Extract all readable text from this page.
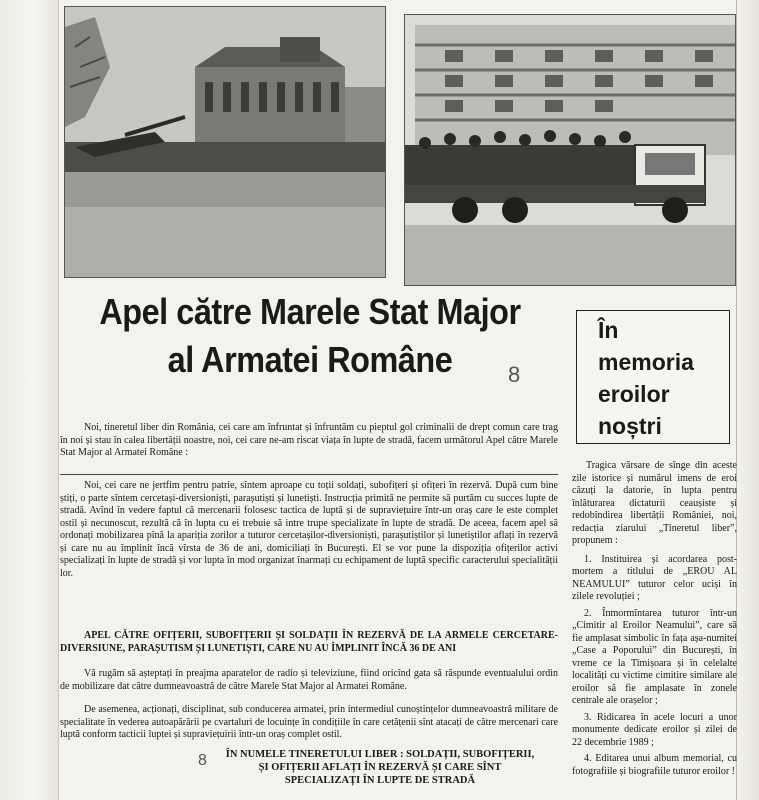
Apel către Marele Stat Major
al Armatei Române	8
În
memoria
eroilor
noștri

Noi, tineretul liber din România, cei care am înfruntat și înfruntăm cu pieptul gol criminalii de drept comun care trag în noi și stau în calea libertății noastre, noi, cei care ne-am riscat viața în lupte de stradă, facem următorul Apel către Marele Stat Major al Armatei Române :

Noi, cei care ne jertfim pentru patrie, sîntem aproape cu toții soldați, subofițeri și ofițeri în rezervă. După cum bine știți, o parte sîntem cercetași-diversioniști, parașutiști și lunetiști. Instrucția primită ne permite să purtăm cu succes lupte de stradă. Avînd în vedere faptul că mercenarii folosesc tactica de luptă și de supraviețuire într-un oraș care le este complet ostil și necunoscut, rezultă că în lupta cu ei trebuie să intre trupe specializate în lupte de stradă. De aceea, facem apel să ordonați mobilizarea pînă la apariția zorilor a tuturor cercetașilor-diversioniști, parașutiștilor și lunetiștilor aflați în rezervă și care nu au împlinit încă vîrsta de 36 de ani, domiciliați în București. El se vor pune la dispoziția ofițerilor activi specializați în lupte de stradă și vor lupta în mod organizat înarmați cu echipament de luptă specific caracterului specialității lor.

APEL CĂTRE OFIȚERII, SUBOFIȚERII ȘI SOLDAȚII ÎN REZERVĂ DE LA ARMELE CERCETARE-DIVERSIUNE, PARAȘUTISM ȘI LUNETIȘTI, CARE NU AU ÎMPLINIT ÎNCĂ 36 DE ANI

Vă rugăm să așteptați în preajma aparatelor de radio și televiziune, fiind oricînd gata să răspunde eventualului ordin de mobilizare dat către dumneavoastră de către Marele Stat Major al Armatei Române.

De asemenea, acționați, disciplinat, sub conducerea armatei, prin intermediul cunoștințelor dumneavoastră militare de specialitate în vederea autoapărării pe cvartaluri de locuințe în condițiile în care cetățenii sînt atacați de către mercenari care luptă conform tacticii luptei și supraviețuirii într-un oraș complet ostil.

8	ÎN NUMELE TINERETULUI LIBER : SOLDAȚII, SUBOFIȚERII,
ȘI OFIȚERII AFLAȚI ÎN REZERVĂ ȘI CARE SÎNT
SPECIALIZAȚI ÎN LUPTE DE STRADĂ

Tragica vărsare de sînge din aceste zile istorice și numărul imens de eroi căzuți la datorie, în lupta pentru înlăturarea dictaturii ceaușiste și redobîndirea libertății României, noi, redacția ziarului „Tineretul liber”, propunem :

1. Instituirea și acordarea post-mortem a titlului de „EROU AL NEAMULUI” tuturor celor uciși în zilele revoluției ;

2. Înmormîntarea tuturor într-un „Cimitir al Eroilor Neamului”, care să fie amplasat simbolic în fața așa-numitei „Case a Poporului” din București, în vreme ce la Timișoara și în celelalte localități cu victime cimitire similare ale eroilor să fie amplasate în zonele centrale ale orașelor ;

3. Ridicarea în acele locuri a unor monumente dedicate eroilor și zilei de 22 decembrie 1989 ;

4. Editarea unui album memorial, cu fotografiile și biografiile tuturor eroilor !
